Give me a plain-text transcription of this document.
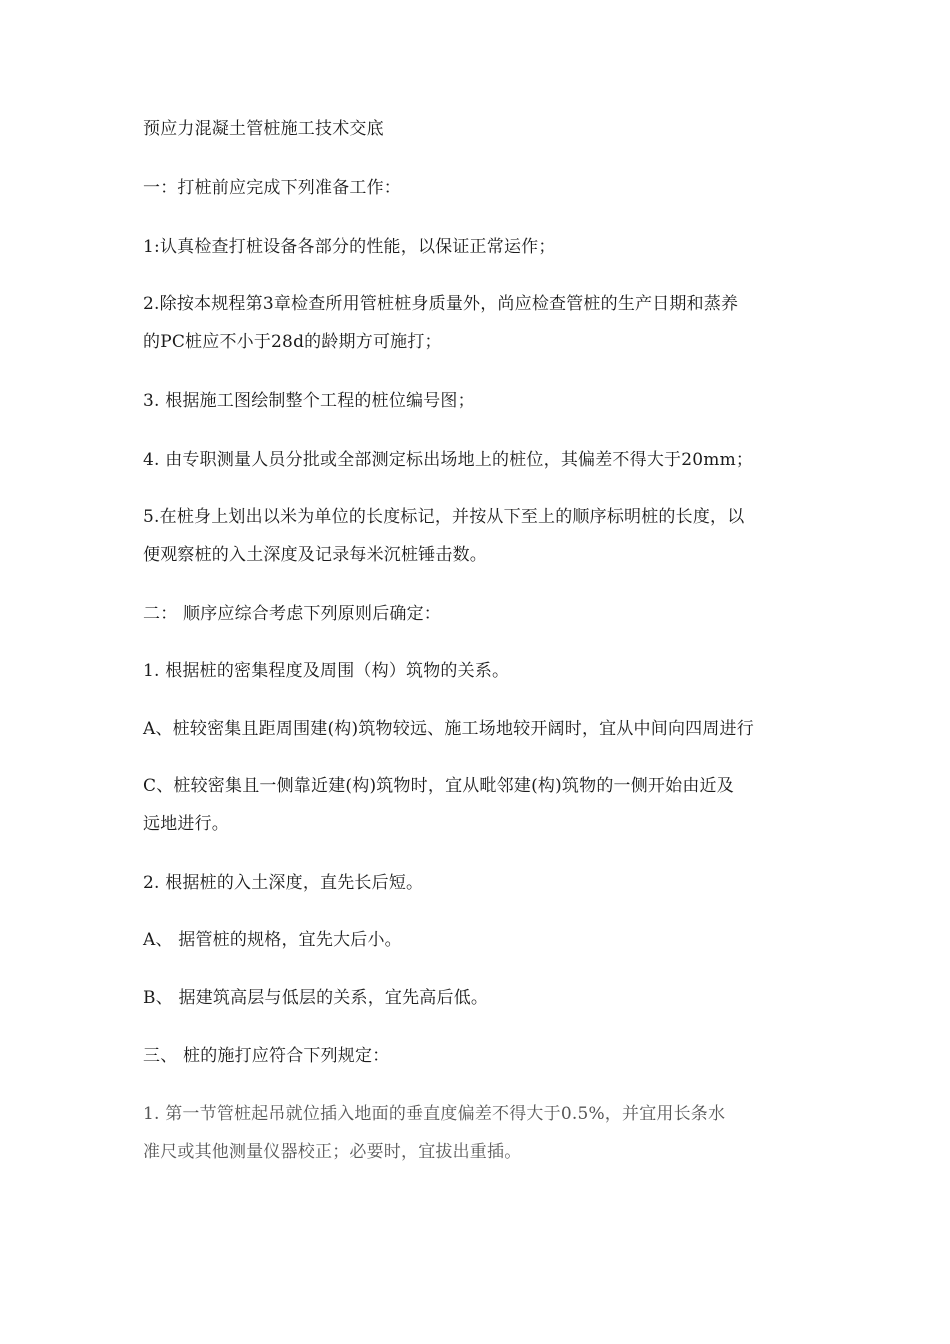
预应力混凝土管桩施工技术交底
一：打桩前应完成下列准备工作：
1:认真检查打桩设备各部分的性能，以保证正常运作；
2.除按本规程第3章检查所用管桩桩身质量外，尚应检查管桩的生产日期和蒸养
的PC桩应不小于28d的龄期方可施打；
3. 根据施工图绘制整个工程的桩位编号图；
4. 由专职测量人员分批或全部测定标出场地上的桩位，其偏差不得大于20mm；
5.在桩身上划出以米为单位的长度标记，并按从下至上的顺序标明桩的长度，以
便观察桩的入土深度及记录每米沉桩锤击数。
二： 顺序应综合考虑下列原则后确定：
1. 根据桩的密集程度及周围（构）筑物的关系。
A、桩较密集且距周围建(构)筑物较远、施工场地较开阔时，宜从中间向四周进行
C、桩较密集且一侧靠近建(构)筑物时，宜从毗邻建(构)筑物的一侧开始由近及
远地进行。
2. 根据桩的入土深度，直先长后短。
A、 据管桩的规格，宜先大后小。
B、 据建筑高层与低层的关系，宜先高后低。
三、 桩的施打应符合下列规定：
1. 第一节管桩起吊就位插入地面的垂直度偏差不得大于0.5%，并宜用长条水
准尺或其他测量仪器校正；必要时，宜拔出重插。
